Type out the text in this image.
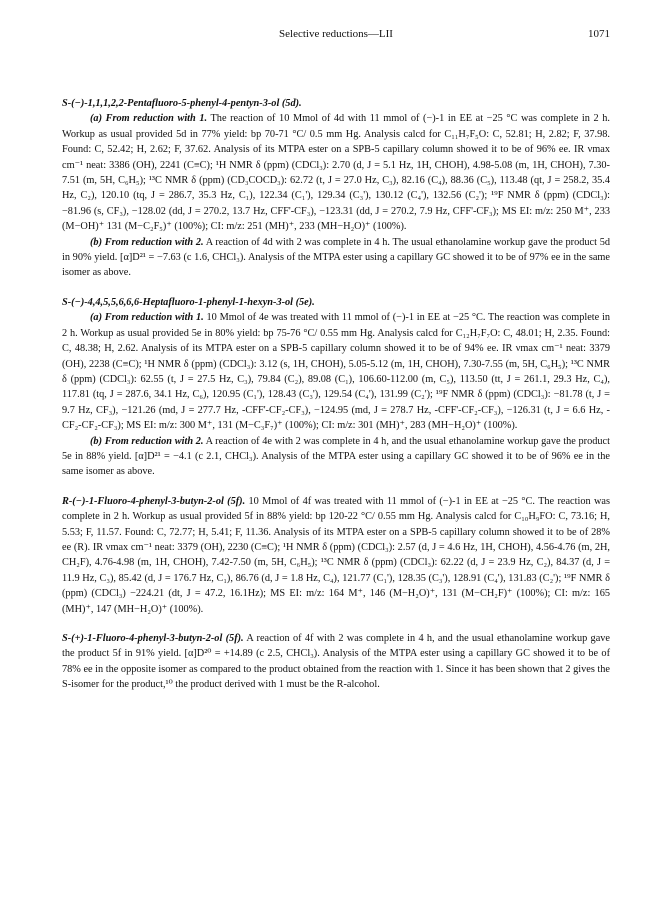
Selective reductions—LII	1071
S-(−)-1,1,1,2,2-Pentafluoro-5-phenyl-4-pentyn-3-ol (5d).

(a) From reduction with 1. The reaction of 10 Mmol of 4d with 11 mmol of (−)-1 in EE at −25 °C was complete in 2 h. Workup as usual provided 5d in 77% yield: bp 70-71 °C/ 0.5 mm Hg. Analysis calcd for C₁₁H₇F₅O: C, 52.81; H, 2.82; F, 37.98. Found: C, 52.42; H, 2.62; F, 37.62. Analysis of its MTPA ester on a SPB-5 capillary column showed it to be of 96% ee. IR νmax cm⁻¹ neat: 3386 (OH), 2241 (C≡C); ¹H NMR δ (ppm) (CDCl₃): 2.70 (d, J = 5.1 Hz, 1H, CHOH), 4.98-5.08 (m, 1H, CHOH), 7.30-7.51 (m, 5H, C₆H₅); ¹³C NMR δ (ppm) (CD₃COCD₃): 62.72 (t, J = 27.0 Hz, C₃), 82.16 (C₄), 88.36 (C₅), 113.48 (qt, J = 258.2, 35.4 Hz, C₂), 120.10 (tq, J = 286.7, 35.3 Hz, C₁), 122.34 (C₁'), 129.34 (C₃'), 130.12 (C₄'), 132.56 (C₂'); ¹⁹F NMR δ (ppm) (CDCl₃): −81.96 (s, CF₃), −128.02 (dd, J = 270.2, 13.7 Hz, CFF'-CF₃), −123.31 (dd, J = 270.2, 7.9 Hz, CFF'-CF₃); MS EI: m/z: 250 M⁺, 233 (M−OH)⁺ 131 (M−C₂F₅)⁺ (100%); CI: m/z: 251 (MH)⁺, 233 (MH−H₂O)⁺ (100%).

(b) From reduction with 2. A reaction of 4d with 2 was complete in 4 h. The usual ethanolamine workup gave the product 5d in 90% yield. [α]D²¹ = −7.63 (c 1.6, CHCl₃). Analysis of the MTPA ester using a capillary GC showed it to be of 97% ee in the same isomer as above.

S-(−)-4,4,5,5,6,6,6-Heptafluoro-1-phenyl-1-hexyn-3-ol (5e).

(a) From reduction with 1. 10 Mmol of 4e was treated with 11 mmol of (−)-1 in EE at −25 °C. The reaction was complete in 2 h. Workup as usual provided 5e in 80% yield: bp 75-76 °C/ 0.55 mm Hg. Analysis calcd for C₁₂H₇F₇O: C, 48.01; H, 2.35. Found: C, 48.38; H, 2.62. Analysis of its MTPA ester on a SPB-5 capillary column showed it to be of 94% ee. IR νmax cm⁻¹ neat: 3379 (OH), 2238 (C≡C); ¹H NMR δ (ppm) (CDCl₃): 3.12 (s, 1H, CHOH), 5.05-5.12 (m, 1H, CHOH), 7.30-7.55 (m, 5H, C₆H₅); ¹³C NMR δ (ppm) (CDCl₃): 62.55 (t, J = 27.5 Hz, C₃), 79.84 (C₂), 89.08 (C₁), 106.60-112.00 (m, C₅), 113.50 (tt, J = 261.1, 29.3 Hz, C₄), 117.81 (tq, J = 287.6, 34.1 Hz, C₆), 120.95 (C₁'), 128.43 (C₃'), 129.54 (C₄'), 131.99 (C₂'); ¹⁹F NMR δ (ppm) (CDCl₃): −81.78 (t, J = 9.7 Hz, CF₃), −121.26 (md, J = 277.7 Hz, -CFF'-CF₂-CF₃), −124.95 (md, J = 278.7 Hz, -CFF'-CF₂-CF₃), −126.31 (t, J = 6.6 Hz, -CF₂-CF₂-CF₃); MS EI: m/z: 300 M⁺, 131 (M−C₃F₇)⁺ (100%); CI: m/z: 301 (MH)⁺, 283 (MH−H₂O)⁺ (100%).

(b) From reduction with 2. A reaction of 4e with 2 was complete in 4 h, and the usual ethanolamine workup gave the product 5e in 88% yield. [α]D²¹ = −4.1 (c 2.1, CHCl₃). Analysis of the MTPA ester using a capillary GC showed it to be of 96% ee in the same isomer as above.

R-(−)-1-Fluoro-4-phenyl-3-butyn-2-ol (5f). 10 Mmol of 4f was treated with 11 mmol of (−)-1 in EE at −25 °C. The reaction was complete in 2 h. Workup as usual provided 5f in 88% yield: bp 120-22 °C/ 0.55 mm Hg. Analysis calcd for C₁₀H₉FO: C, 73.16; H, 5.53; F, 11.57. Found: C, 72.77; H, 5.41; F, 11.36. Analysis of its MTPA ester on a SPB-5 capillary column showed it to be of 28% ee (R). IR νmax cm⁻¹ neat: 3379 (OH), 2230 (C≡C); ¹H NMR δ (ppm) (CDCl₃): 2.57 (d, J = 4.6 Hz, 1H, CHOH), 4.56-4.76 (m, 2H, CH₂F), 4.76-4.98 (m, 1H, CHOH), 7.42-7.50 (m, 5H, C₆H₅); ¹³C NMR δ (ppm) (CDCl₃): 62.22 (d, J = 23.9 Hz, C₂), 84.37 (d, J = 11.9 Hz, C₃), 85.42 (d, J = 176.7 Hz, C₁), 86.76 (d, J = 1.8 Hz, C₄), 121.77 (C₁'), 128.35 (C₃'), 128.91 (C₄'), 131.83 (C₂'); ¹⁹F NMR δ (ppm) (CDCl₃) −224.21 (dt, J = 47.2, 16.1Hz); MS EI: m/z: 164 M⁺, 146 (M−H₂O)⁺, 131 (M−CH₂F)⁺ (100%); CI: m/z: 165 (MH)⁺, 147 (MH−H₂O)⁺ (100%).

S-(+)-1-Fluoro-4-phenyl-3-butyn-2-ol (5f). A reaction of 4f with 2 was complete in 4 h, and the usual ethanolamine workup gave the product 5f in 91% yield. [α]D²⁰ = +14.89 (c 2.5, CHCl₃). Analysis of the MTPA ester using a capillary GC showed it to be of 78% ee in the opposite isomer as compared to the product obtained from the reaction with 1. Since it has been shown that 2 gives the S-isomer for the product,¹⁰ the product derived with 1 must be the R-alcohol.
